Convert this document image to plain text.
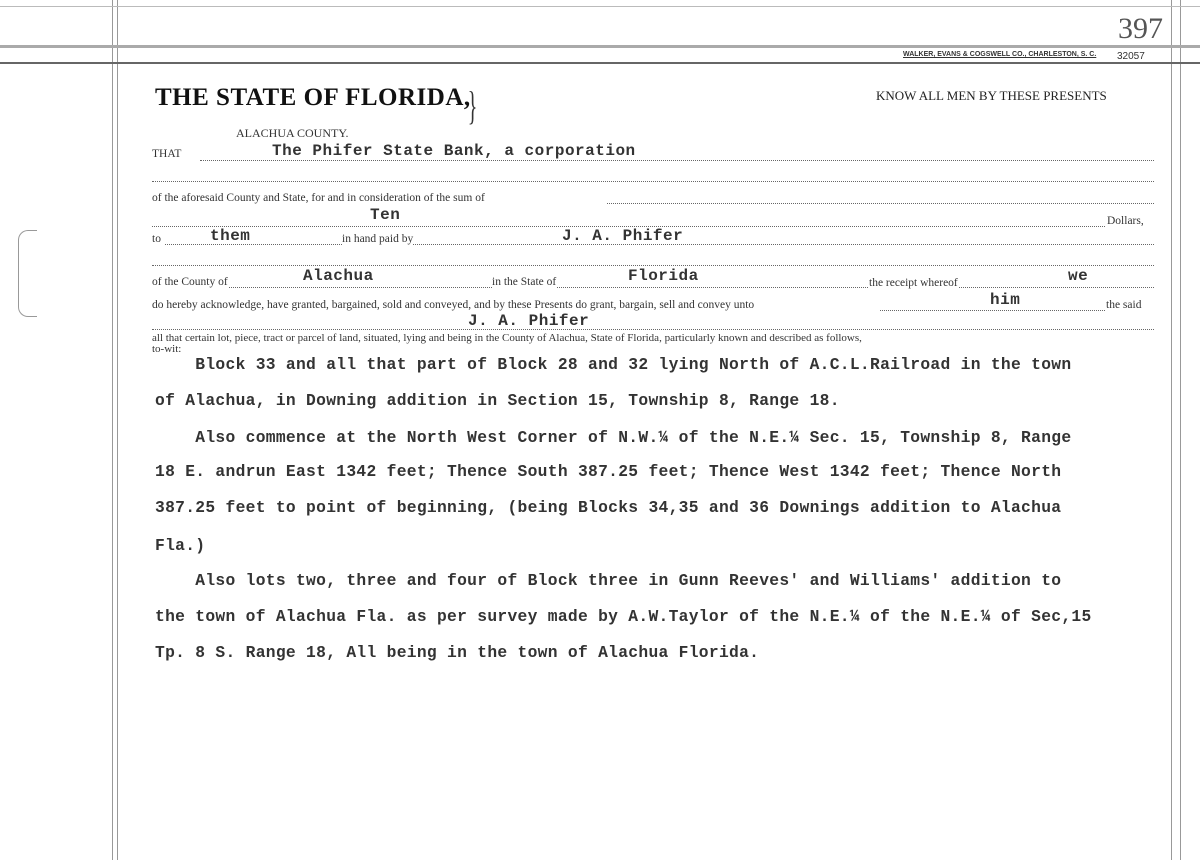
397
WALKER, EVANS & COGSWELL CO., CHARLESTON, S. C. 32057
THE STATE OF FLORIDA,
}	KNOW ALL MEN BY THESE PRESENTS
ALACHUA COUNTY.
THAT	The Phifer State Bank, a corporation
of the aforesaid County and State, for and in consideration of the sum of
Ten	Dollars,
to	them	in hand paid by	J. A. Phifer
of the County of	Alachua	in the State of	Florida	the receipt whereof	we
do hereby acknowledge, have granted, bargained, sold and conveyed, and by these Presents do grant, bargain, sell and convey unto	him	the said
J. A. Phifer
all that certain lot, piece, tract or parcel of land, situated, lying and being in the County of Alachua, State of Florida, particularly known and described as follows,
to-wit:
Block 33 and all that part of Block 28 and 32 lying North of A.C.L.Railroad in the town
of Alachua, in Downing addition in Section 15, Township 8, Range 18.
Also commence at the North West Corner of N.W.¼ of the N.E.¼ Sec. 15, Township 8, Range
18 E. andrun East 1342 feet; Thence South 387.25 feet; Thence West 1342 feet; Thence North
387.25 feet to point of beginning, (being Blocks 34,35 and 36 Downings addition to Alachua
Fla.)
Also lots two, three and four of Block three in Gunn Reeves' and Williams' addition to
the town of Alachua Fla. as per survey made by A.W.Taylor of the N.E.¼ of the N.E.¼ of Sec,15
Tp. 8 S. Range 18, All being in the town of Alachua Florida.
